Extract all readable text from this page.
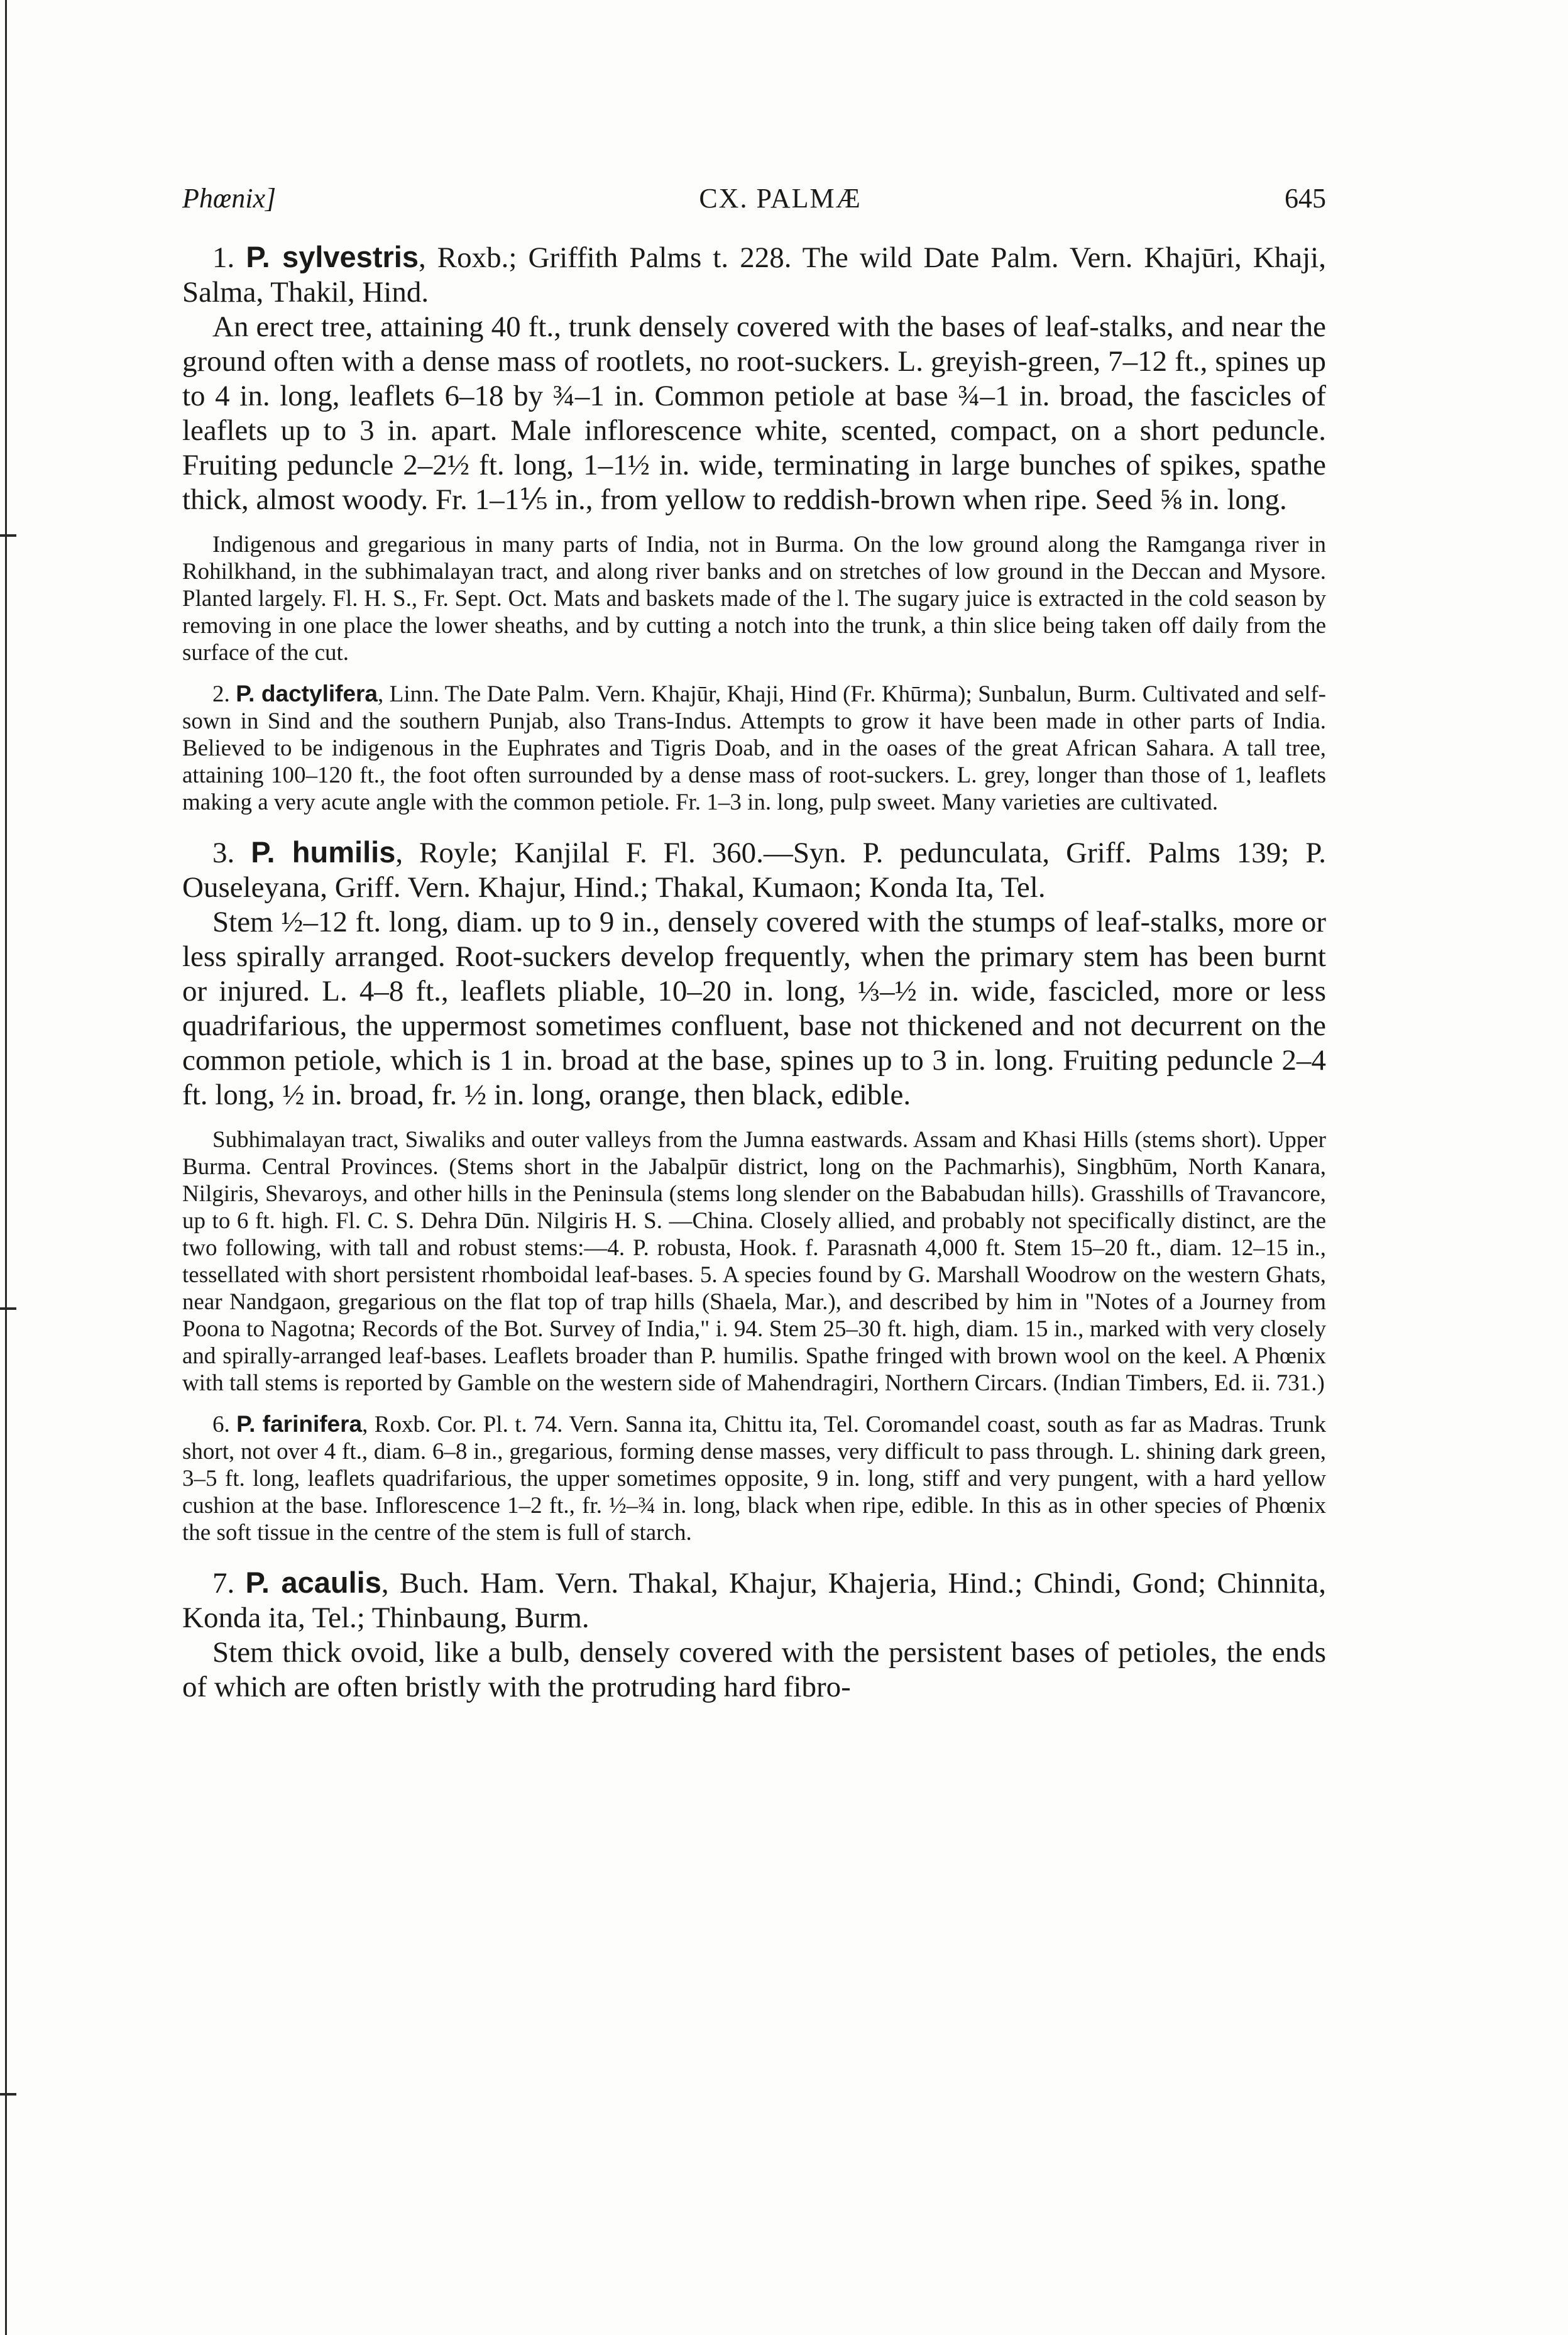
Phœnix]	CX. PALMÆ	645

1. P. sylvestris, Roxb.; Griffith Palms t. 228. The wild Date Palm. Vern. Khajūri, Khaji, Salma, Thakil, Hind.

An erect tree, attaining 40 ft., trunk densely covered with the bases of leaf-stalks, and near the ground often with a dense mass of rootlets, no root-suckers. L. greyish-green, 7–12 ft., spines up to 4 in. long, leaflets 6–18 by ¾–1 in. Common petiole at base ¾–1 in. broad, the fascicles of leaflets up to 3 in. apart. Male inflorescence white, scented, compact, on a short peduncle. Fruiting peduncle 2–2½ ft. long, 1–1½ in. wide, terminating in large bunches of spikes, spathe thick, almost woody. Fr. 1–1⅕ in., from yellow to reddish-brown when ripe. Seed ⅝ in. long.

Indigenous and gregarious in many parts of India, not in Burma. On the low ground along the Ramganga river in Rohilkhand, in the subhimalayan tract, and along river banks and on stretches of low ground in the Deccan and Mysore. Planted largely. Fl. H. S., Fr. Sept. Oct. Mats and baskets made of the l. The sugary juice is extracted in the cold season by removing in one place the lower sheaths, and by cutting a notch into the trunk, a thin slice being taken off daily from the surface of the cut.

2. P. dactylifera, Linn. The Date Palm. Vern. Khajūr, Khaji, Hind (Fr. Khūrma); Sunbalun, Burm. Cultivated and self-sown in Sind and the southern Punjab, also Trans-Indus. Attempts to grow it have been made in other parts of India. Believed to be indigenous in the Euphrates and Tigris Doab, and in the oases of the great African Sahara. A tall tree, attaining 100–120 ft., the foot often surrounded by a dense mass of root-suckers. L. grey, longer than those of 1, leaflets making a very acute angle with the common petiole. Fr. 1–3 in. long, pulp sweet. Many varieties are cultivated.

3. P. humilis, Royle; Kanjilal F. Fl. 360.—Syn. P. pedunculata, Griff. Palms 139; P. Ouseleyana, Griff. Vern. Khajur, Hind.; Thakal, Kumaon; Konda Ita, Tel.

Stem ½–12 ft. long, diam. up to 9 in., densely covered with the stumps of leaf-stalks, more or less spirally arranged. Root-suckers develop frequently, when the primary stem has been burnt or injured. L. 4–8 ft., leaflets pliable, 10–20 in. long, ⅓–½ in. wide, fascicled, more or less quadrifarious, the uppermost sometimes confluent, base not thickened and not decurrent on the common petiole, which is 1 in. broad at the base, spines up to 3 in. long. Fruiting peduncle 2–4 ft. long, ½ in. broad, fr. ½ in. long, orange, then black, edible.

Subhimalayan tract, Siwaliks and outer valleys from the Jumna eastwards. Assam and Khasi Hills (stems short). Upper Burma. Central Provinces. (Stems short in the Jabalpūr district, long on the Pachmarhis), Singbhūm, North Kanara, Nilgiris, Shevaroys, and other hills in the Peninsula (stems long slender on the Bababudan hills). Grasshills of Travancore, up to 6 ft. high. Fl. C. S. Dehra Dūn. Nilgiris H. S. —China. Closely allied, and probably not specifically distinct, are the two following, with tall and robust stems:—4. P. robusta, Hook. f. Parasnath 4,000 ft. Stem 15–20 ft., diam. 12–15 in., tessellated with short persistent rhomboidal leaf-bases. 5. A species found by G. Marshall Woodrow on the western Ghats, near Nandgaon, gregarious on the flat top of trap hills (Shaela, Mar.), and described by him in "Notes of a Journey from Poona to Nagotna; Records of the Bot. Survey of India," i. 94. Stem 25–30 ft. high, diam. 15 in., marked with very closely and spirally-arranged leaf-bases. Leaflets broader than P. humilis. Spathe fringed with brown wool on the keel. A Phœnix with tall stems is reported by Gamble on the western side of Mahendragiri, Northern Circars. (Indian Timbers, Ed. ii. 731.)

6. P. farinifera, Roxb. Cor. Pl. t. 74. Vern. Sanna ita, Chittu ita, Tel. Coromandel coast, south as far as Madras. Trunk short, not over 4 ft., diam. 6–8 in., gregarious, forming dense masses, very difficult to pass through. L. shining dark green, 3–5 ft. long, leaflets quadrifarious, the upper sometimes opposite, 9 in. long, stiff and very pungent, with a hard yellow cushion at the base. Inflorescence 1–2 ft., fr. ½–¾ in. long, black when ripe, edible. In this as in other species of Phœnix the soft tissue in the centre of the stem is full of starch.

7. P. acaulis, Buch. Ham. Vern. Thakal, Khajur, Khajeria, Hind.; Chindi, Gond; Chinnita, Konda ita, Tel.; Thinbaung, Burm.

Stem thick ovoid, like a bulb, densely covered with the persistent bases of petioles, the ends of which are often bristly with the protruding hard fibro-
